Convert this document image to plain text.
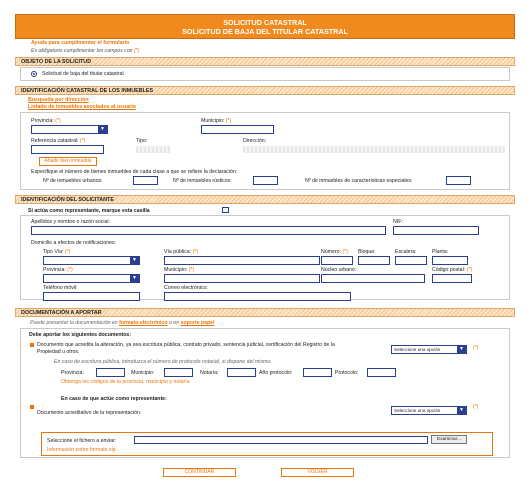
SOLICITUD CATASTRAL
SOLICITUD DE BAJA DEL TITULAR CATASTRAL
Ayuda para cumplimentar el formulario
Es obligatorio cumplimentar los campos con (*)
OBJETO DE LA SOLICITUD
Solicitud de baja del titular catastral
IDENTIFICACIÓN CATASTRAL DE LOS INMUEBLES
Búsqueda por dirección
Listado de inmuebles asociados al usuario
Provincia: (*)
▼
Municipio: (*)
Referencia catastral: (*)	Tipo:	Dirección:
Añadir bien inmueble
Especifique el número de bienes inmuebles de cada clase a que se refiere la declaración:
Nº de inmuebles urbanos:	Nº de inmuebles rústicos:	Nº de inmuebles de características especiales:
IDENTIFICACIÓN DEL SOLICITANTE
Si actúa como representante, marque esta casilla
Apellidos y nombre o razón social:	NIF:
Domicilio a efectos de notificaciones:
Tipo Vía: (*)
▼
Vía pública: (*)	Número: (*) Bloque:	Escalera:	Planta:
Provincia: (*)
▼
Municipio: (*)	Núcleo urbano:	Código postal: (*)
Teléfono móvil:	Correo electrónico:
DOCUMENTACIÓN A APORTAR
Puede presentar la documentación en formato electrónico o en soporte papel
Debe aportar los siguientes documentos:
Documento que acredita la alteración, ya sea escritura pública, contrato privado, sentencia judicial, certificación del Registro de la
Propiedad u otros.	Seleccione una opción	▼	(*)
En caso de escritura pública, introduzca el número de protocolo notarial, si dispone del mismo.
Provincia:	Municipio:	Notaría:	Año protocolo:	Protocolo:
Obtenga los códigos de la provincia, municipio y notaría
En caso de que actúe como representante:
Documento acreditativo de la representación.	Seleccione una opción	▼	(*)
Seleccione el fichero a enviar:	Examinar...
Información sobre formato zip
CONTINUAR	VOLVER
